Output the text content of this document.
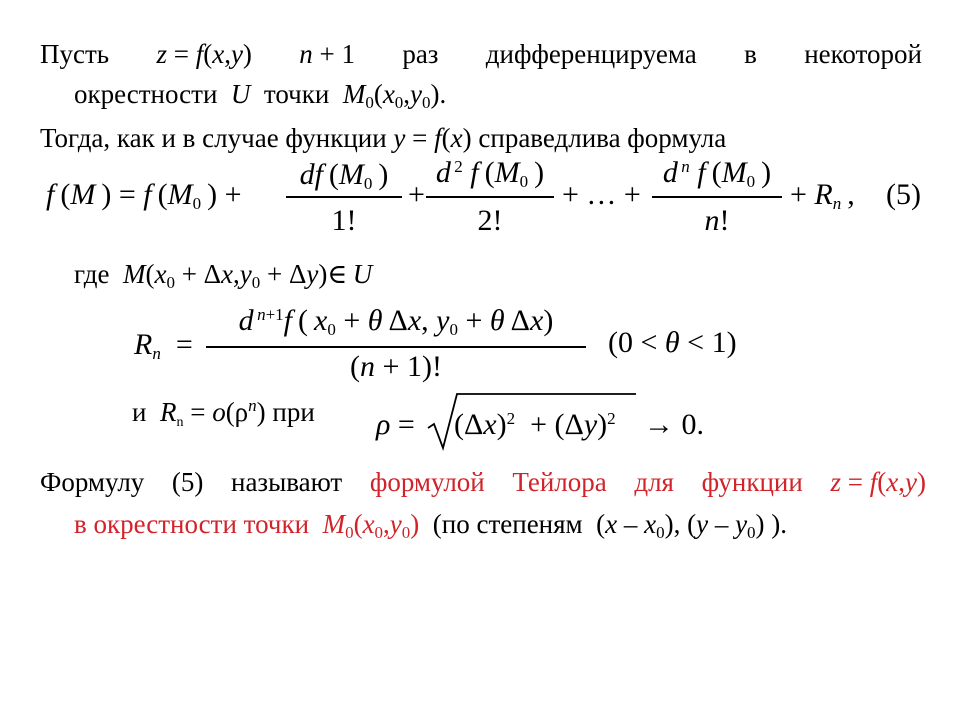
Пусть z = f(x,y) n + 1 раз дифференцируема в некоторой
окрестности U точки $M_0(x_0,y_0)$.
Тогда, как и в случае функции y = f(x) справедлива формула
f (M ) = f ($M_0$ ) +
df ($M_0$ )
1!
+
d $^2$ f ($M_0$ )
2!
+ … +
d  $^n$ f ($M_0$ )
n!
+ $R_n$ , (5)
где $M(x_0 + \Delta x,y_0$ + Δy)∈ U
$R_n$  =
d  $^{n+1}$f ( $x_0 + \theta$ Δx, $y_0 + \theta$ Δx)
(n + 1)!
(0 < θ < 1)
и  $R_n = o(\rho^n)$ при $\rho = (\Delta x)^2 + (\Delta y)^2 \to 0$.
Формулу (5) называют формулой Тейлора для функции z = f(x,y)
в окрестности точки  $M_0(x_0,y_0)$ (по степеням  $(x - x_0)$, $(y - y_0)$ ).
